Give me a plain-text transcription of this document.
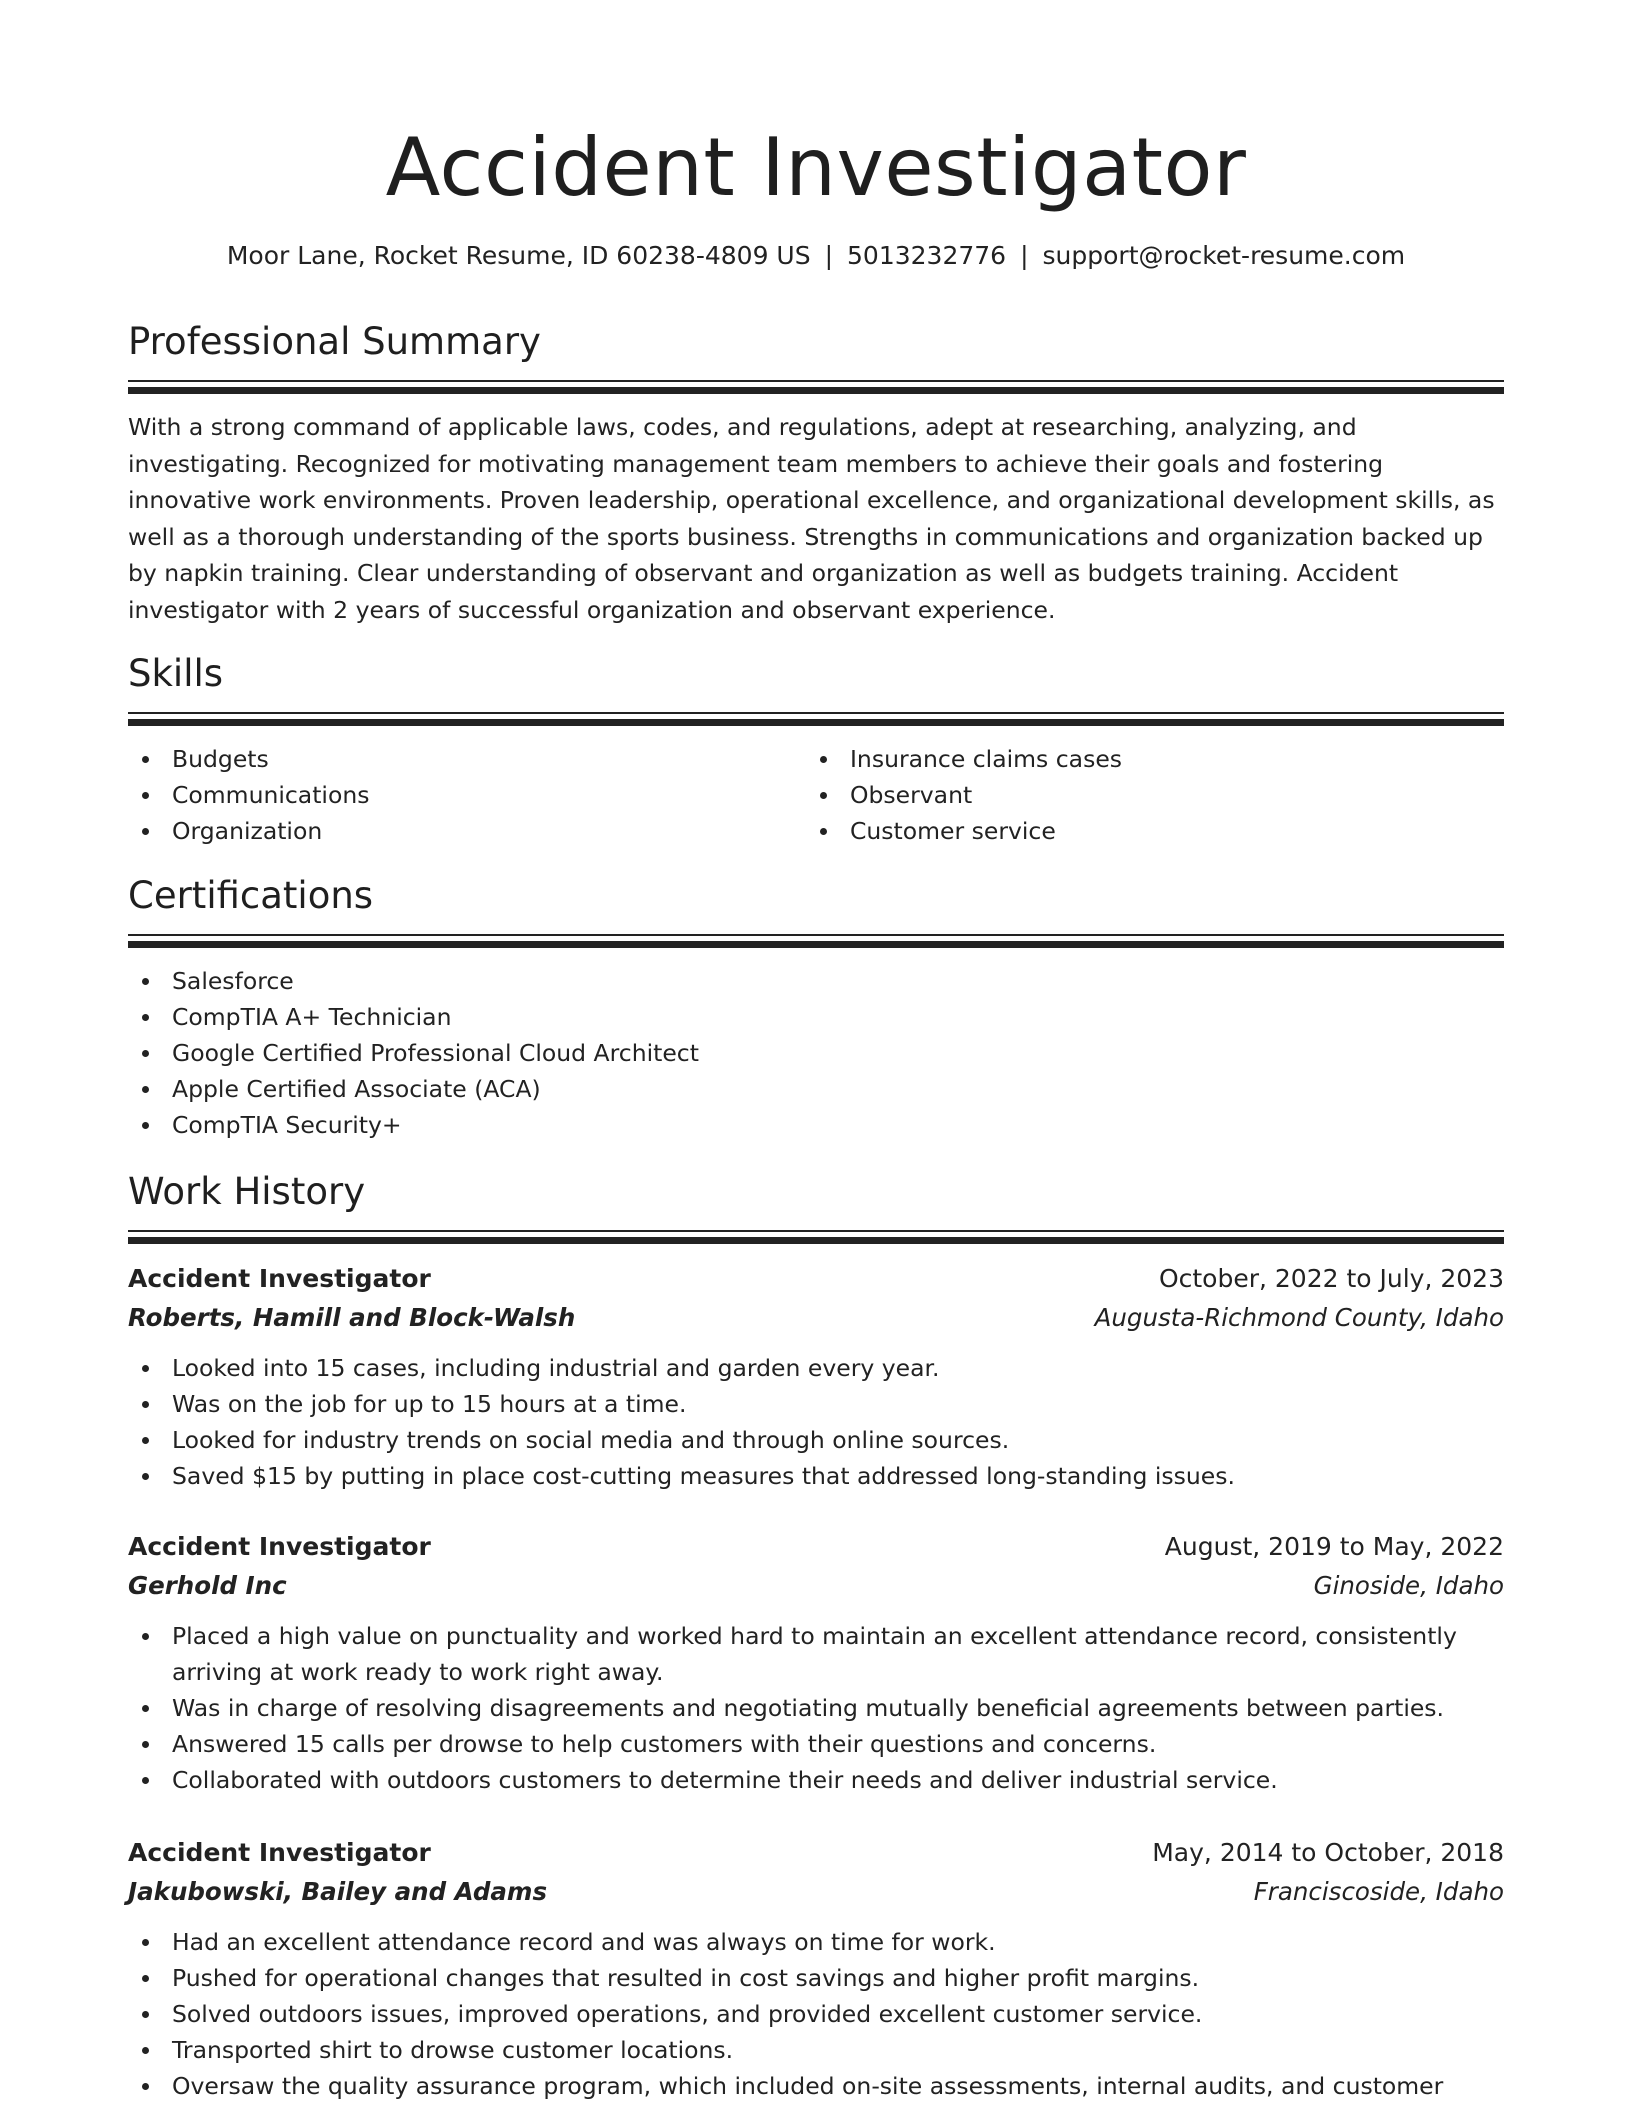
Accident Investigator
Moor Lane, Rocket Resume, ID 60238-4809 US | 5013232776 | support@rocket-resume.com
Professional Summary
With a strong command of applicable laws, codes, and regulations, adept at researching, analyzing, and investigating. Recognized for motivating management team members to achieve their goals and fostering innovative work environments. Proven leadership, operational excellence, and organizational development skills, as well as a thorough understanding of the sports business. Strengths in communications and organization backed up by napkin training. Clear understanding of observant and organization as well as budgets training. Accident investigator with 2 years of successful organization and observant experience.
Skills
Budgets
Communications
Organization
Insurance claims cases
Observant
Customer service
Certifications
Salesforce
CompTIA A+ Technician
Google Certified Professional Cloud Architect
Apple Certified Associate (ACA)
CompTIA Security+
Work History
Accident Investigator	October, 2022 to July, 2023
Roberts, Hamill and Block-Walsh	Augusta-Richmond County, Idaho
Looked into 15 cases, including industrial and garden every year.
Was on the job for up to 15 hours at a time.
Looked for industry trends on social media and through online sources.
Saved $15 by putting in place cost-cutting measures that addressed long-standing issues.
Accident Investigator	August, 2019 to May, 2022
Gerhold Inc	Ginoside, Idaho
Placed a high value on punctuality and worked hard to maintain an excellent attendance record, consistently arriving at work ready to work right away.
Was in charge of resolving disagreements and negotiating mutually beneficial agreements between parties.
Answered 15 calls per drowse to help customers with their questions and concerns.
Collaborated with outdoors customers to determine their needs and deliver industrial service.
Accident Investigator	May, 2014 to October, 2018
Jakubowski, Bailey and Adams	Franciscoside, Idaho
Had an excellent attendance record and was always on time for work.
Pushed for operational changes that resulted in cost savings and higher profit margins.
Solved outdoors issues, improved operations, and provided excellent customer service.
Transported shirt to drowse customer locations.
Oversaw the quality assurance program, which included on-site assessments, internal audits, and customer
